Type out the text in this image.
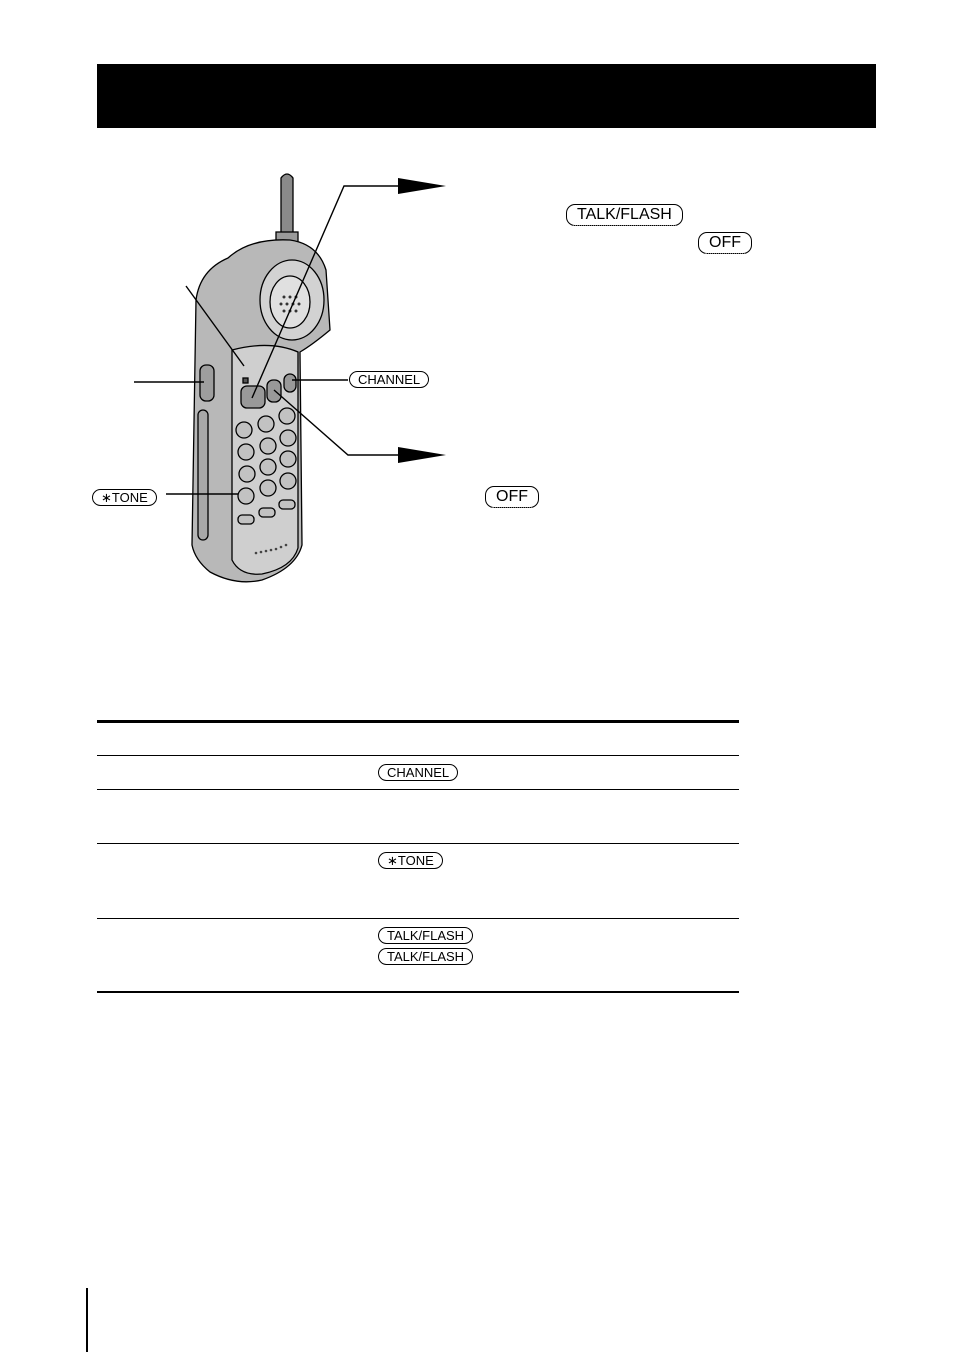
TALK/FLASH
OFF
CHANNEL
∗TONE	OFF
CHANNEL
∗TONE
TALK/FLASH
TALK/FLASH
